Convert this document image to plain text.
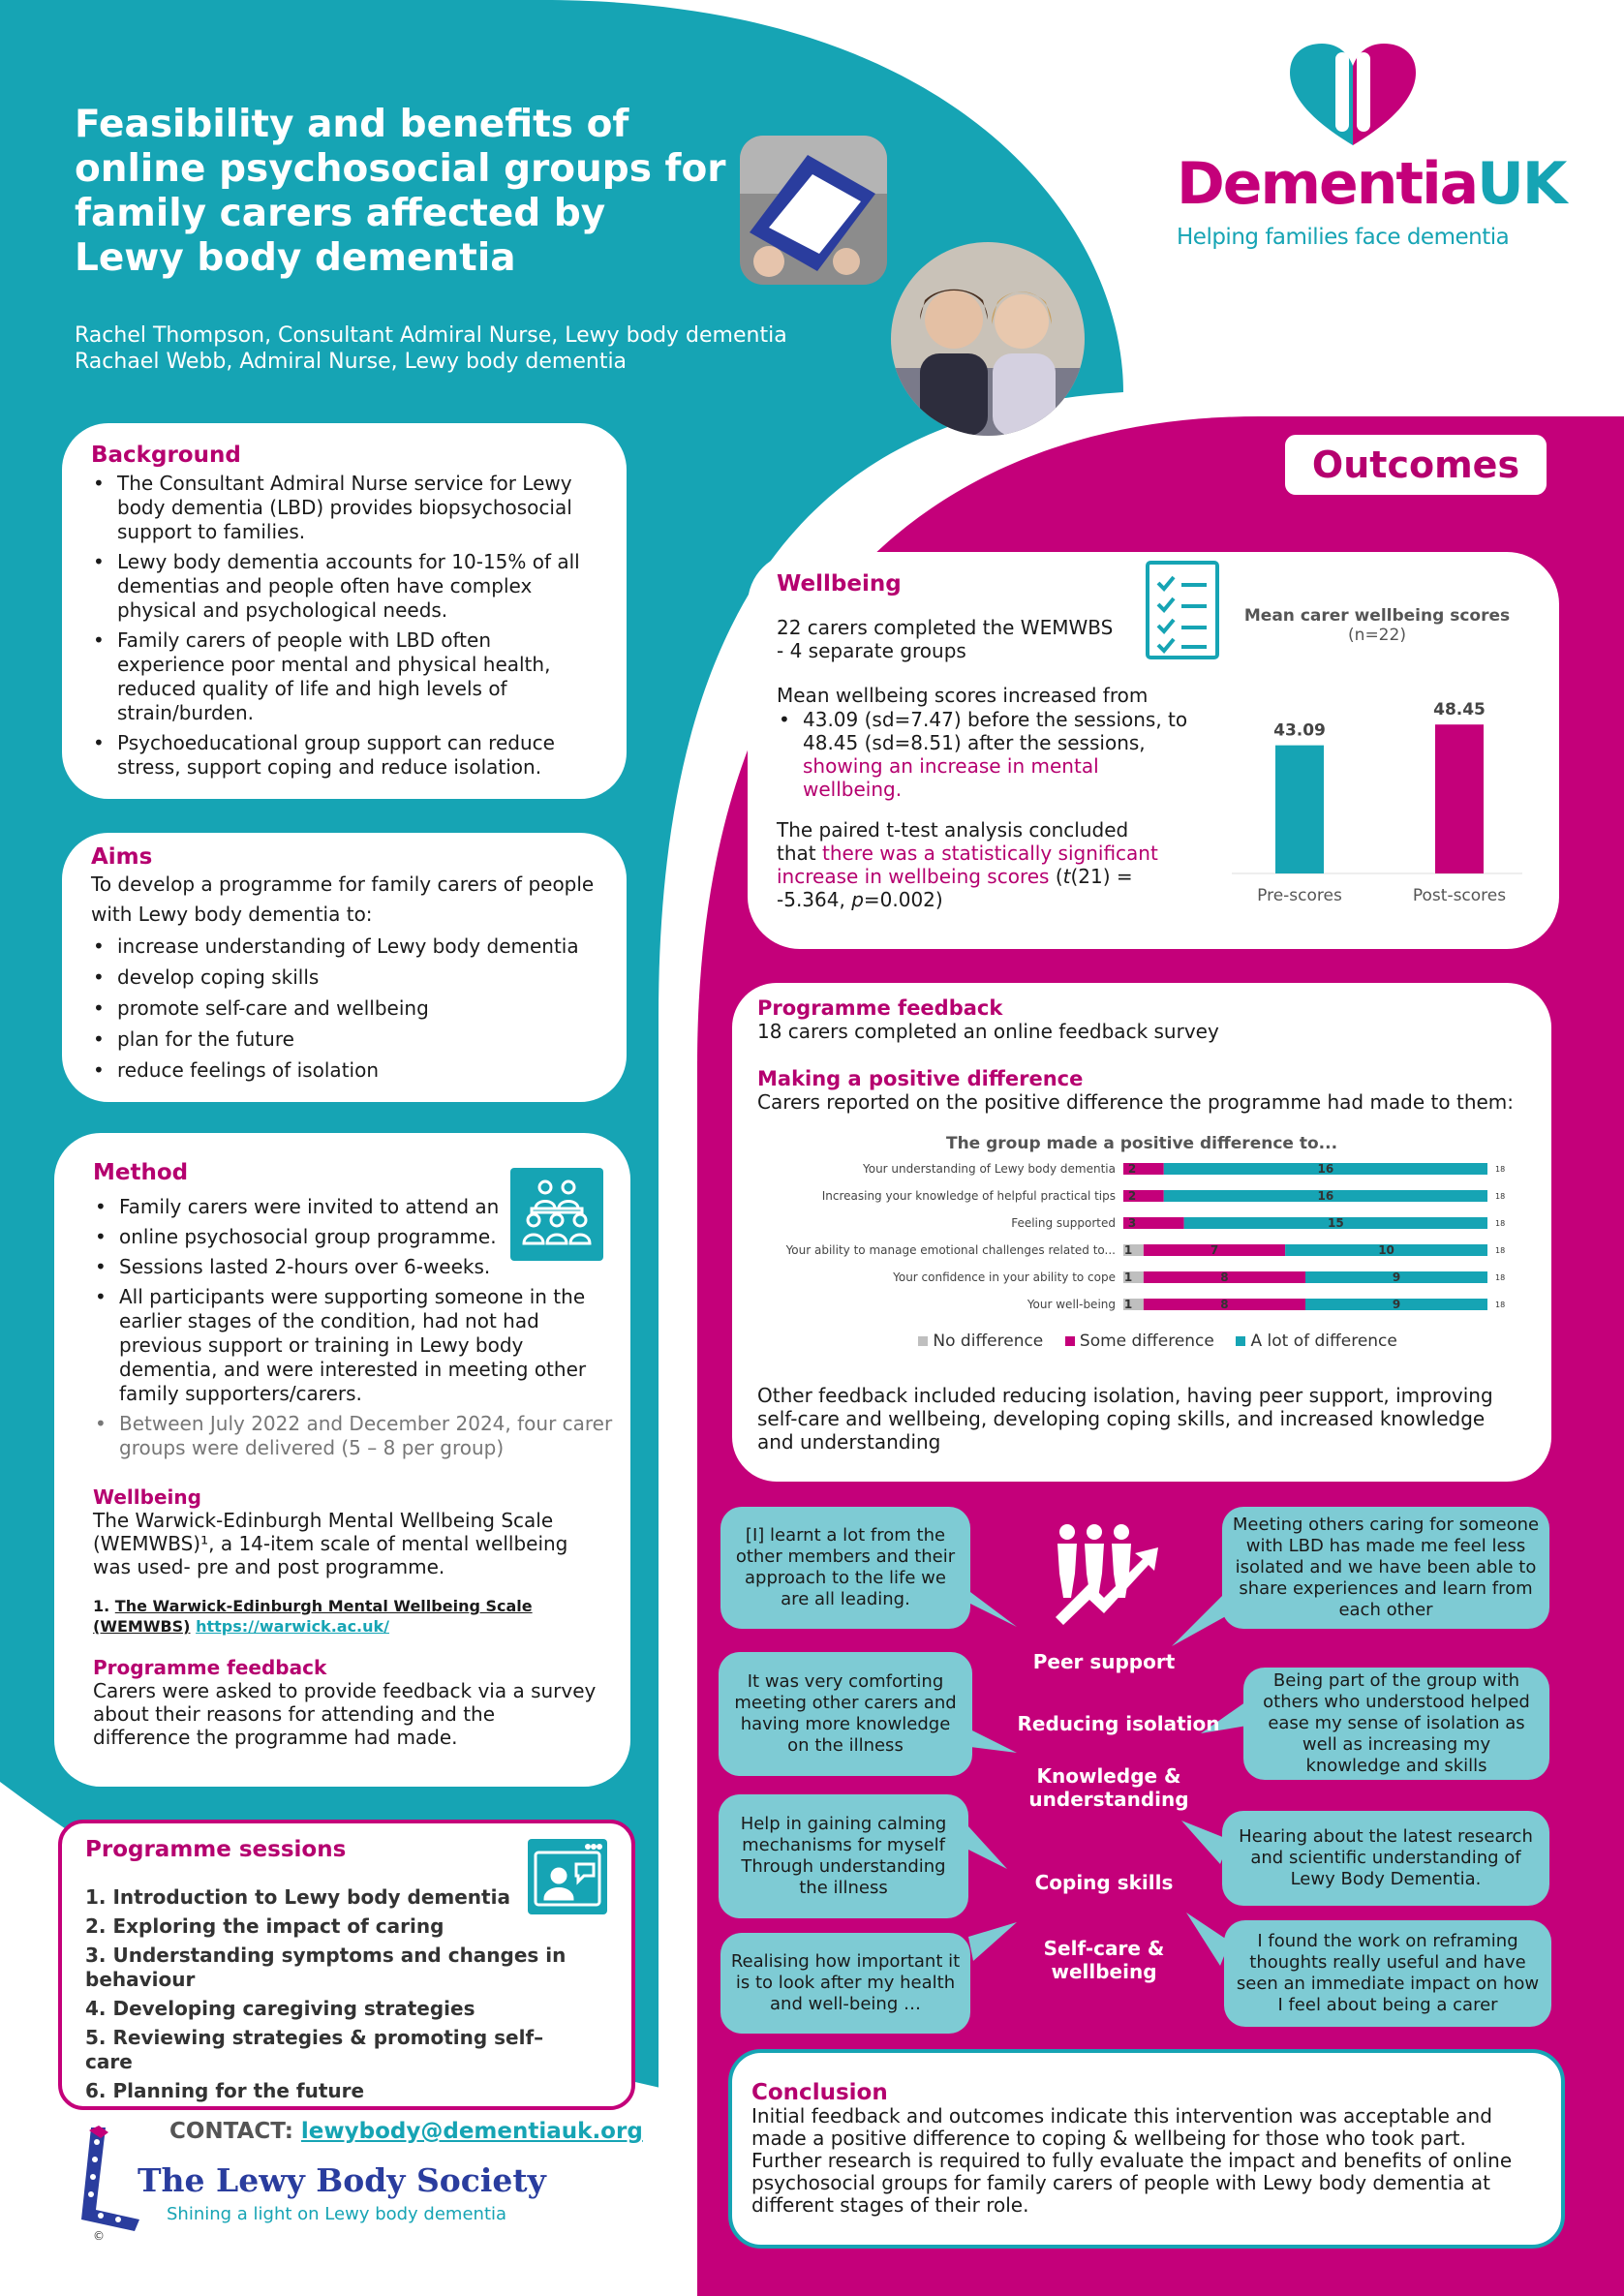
Feasibility and benefits of
online psychosocial groups for
family carers affected by
Lewy body dementia
Rachel Thompson, Consultant Admiral Nurse, Lewy body dementia
Rachael Webb, Admiral Nurse, Lewy body dementia
DementiaUK
Helping families face dementia
Background
• The Consultant Admiral Nurse service for Lewy body dementia (LBD) provides biopsychosocial support to families.
• Lewy body dementia accounts for 10-15% of all dementias and people often have complex physical and psychological needs.
• Family carers of people with LBD often experience poor mental and physical health, reduced quality of life and high levels of strain/burden.
• Psychoeducational group support can reduce stress, support coping and reduce isolation.
Aims
To develop a programme for family carers of people with Lewy body dementia to:
• increase understanding of Lewy body dementia
• develop coping skills
• promote self-care and wellbeing
• plan for the future
• reduce feelings of isolation
Method
• Family carers were invited to attend an
• online psychosocial group programme.
• Sessions lasted 2-hours over 6-weeks.
• All participants were supporting someone in the earlier stages of the condition, had not had previous support or training in Lewy body dementia, and were interested in meeting other family supporters/carers.
• Between July 2022 and December 2024, four carer groups were delivered (5 – 8 per group)
Wellbeing
The Warwick-Edinburgh Mental Wellbeing Scale (WEMWBS)¹, a 14-item scale of mental wellbeing was used- pre and post programme.
1. The Warwick-Edinburgh Mental Wellbeing Scale (WEMWBS) https://warwick.ac.uk/
Programme feedback
Carers were asked to provide feedback via a survey about their reasons for attending and the difference the programme had made.
Programme sessions
1. Introduction to Lewy body dementia
2. Exploring the impact of caring
3. Understanding symptoms and changes in behaviour
4. Developing caregiving strategies
5. Reviewing strategies & promoting self–care
6. Planning for the future
CONTACT: lewybody@dementiauk.org
The Lewy Body Society
Shining a light on Lewy body dementia
©
Outcomes
Wellbeing
22 carers completed the WEMWBS - 4 separate groups
Mean wellbeing scores increased from
• 43.09 (sd=7.47) before the sessions, to 48.45 (sd=8.51) after the sessions, showing an increase in mental wellbeing.
The paired t-test analysis concluded that there was a statistically significant increase in wellbeing scores (t(21) = -5.364, p=0.002)
Mean carer wellbeing scores
(n=22)
43.09
Pre-scores
48.45
Post-scores
Programme feedback
18 carers completed an online feedback survey
Making a positive difference
Carers reported on the positive difference the programme had made to them:
The group made a positive difference to...
Your understanding of Lewy body dementia 2	16	18
Increasing your knowledge of helpful practical tips 2	16	18
Feeling supported 3	15	18
Your ability to manage emotional challenges related to... 1	7	10	18
Your confidence in your ability to cope 1	8	9	18
Your well-being 1	8	9	18
No difference Some difference A lot of difference
Other feedback included reducing isolation, having peer support, improving self-care and wellbeing, developing coping skills, and increased knowledge and understanding
[I] learnt a lot from the other members and their approach to the life we are all leading.
It was very comforting meeting other carers and having more knowledge on the illness
Help in gaining calming mechanisms for myself Through understanding the illness
Realising how important it is to look after my health and well-being …
Meeting others caring for someone with LBD has made me feel less isolated and we have been able to share experiences and learn from each other
Being part of the group with others who understood helped ease my sense of isolation as well as increasing my knowledge and skills
Hearing about the latest research and scientific understanding of Lewy Body Dementia.
I found the work on reframing thoughts really useful and have seen an immediate impact on how I feel about being a carer
Peer support
Reducing isolation
Knowledge & understanding
Coping skills
Self-care & wellbeing
Conclusion
Initial feedback and outcomes indicate this intervention was acceptable and made a positive difference to coping & wellbeing for those who took part. Further research is required to fully evaluate the impact and benefits of online psychosocial groups for family carers of people with Lewy body dementia at different stages of their role.
